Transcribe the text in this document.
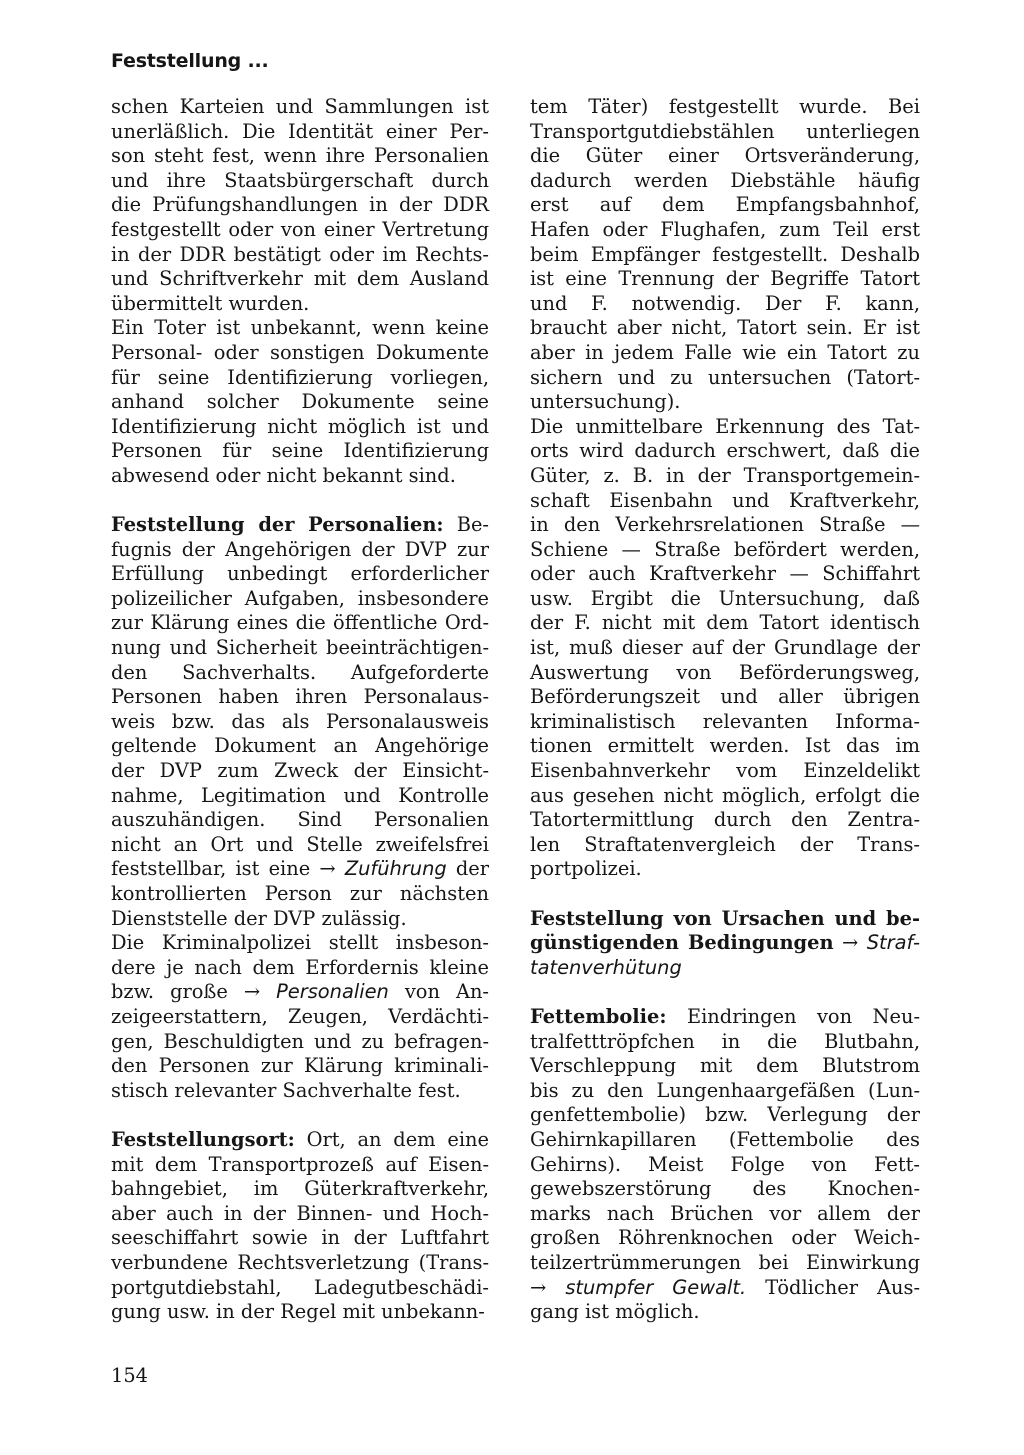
Feststellung ...
schen Karteien und Sammlungen ist
unerläßlich. Die Identität einer Per-
son steht fest, wenn ihre Personalien
und ihre Staatsbürgerschaft durch
die Prüfungshandlungen in der DDR
festgestellt oder von einer Vertretung
in der DDR bestätigt oder im Rechts-
und Schriftverkehr mit dem Ausland
übermittelt wurden.
Ein Toter ist unbekannt, wenn keine
Personal- oder sonstigen Dokumente
für seine Identifizierung vorliegen,
anhand solcher Dokumente seine
Identifizierung nicht möglich ist und
Personen für seine Identifizierung
abwesend oder nicht bekannt sind.
Feststellung der Personalien: Be-
fugnis der Angehörigen der DVP zur
Erfüllung unbedingt erforderlicher
polizeilicher Aufgaben, insbesondere
zur Klärung eines die öffentliche Ord-
nung und Sicherheit beeinträchtigen-
den Sachverhalts. Aufgeforderte
Personen haben ihren Personalaus-
weis bzw. das als Personalausweis
geltende Dokument an Angehörige
der DVP zum Zweck der Einsicht-
nahme, Legitimation und Kontrolle
auszuhändigen. Sind Personalien
nicht an Ort und Stelle zweifelsfrei
feststellbar, ist eine → Zuführung der
kontrollierten Person zur nächsten
Dienststelle der DVP zulässig.
Die Kriminalpolizei stellt insbeson-
dere je nach dem Erfordernis kleine
bzw. große → Personalien von An-
zeigeerstattern, Zeugen, Verdächti-
gen, Beschuldigten und zu befragen-
den Personen zur Klärung kriminali-
stisch relevanter Sachverhalte fest.
Feststellungsort: Ort, an dem eine
mit dem Transportprozeß auf Eisen-
bahngebiet, im Güterkraftverkehr,
aber auch in der Binnen- und Hoch-
seeschiffahrt sowie in der Luftfahrt
verbundene Rechtsverletzung (Trans-
portgutdiebstahl, Ladegutbeschädi-
gung usw. in der Regel mit unbekann-
tem Täter) festgestellt wurde. Bei
Transportgutdiebstählen unterliegen
die Güter einer Ortsveränderung,
dadurch werden Diebstähle häufig
erst auf dem Empfangsbahnhof,
Hafen oder Flughafen, zum Teil erst
beim Empfänger festgestellt. Deshalb
ist eine Trennung der Begriffe Tatort
und F. notwendig. Der F. kann,
braucht aber nicht, Tatort sein. Er ist
aber in jedem Falle wie ein Tatort zu
sichern und zu untersuchen (Tatort-
untersuchung).
Die unmittelbare Erkennung des Tat-
orts wird dadurch erschwert, daß die
Güter, z. B. in der Transportgemein-
schaft Eisenbahn und Kraftverkehr,
in den Verkehrsrelationen Straße —
Schiene — Straße befördert werden,
oder auch Kraftverkehr — Schiffahrt
usw. Ergibt die Untersuchung, daß
der F. nicht mit dem Tatort identisch
ist, muß dieser auf der Grundlage der
Auswertung von Beförderungsweg,
Beförderungszeit und aller übrigen
kriminalistisch relevanten Informa-
tionen ermittelt werden. Ist das im
Eisenbahnverkehr vom Einzeldelikt
aus gesehen nicht möglich, erfolgt die
Tatortermittlung durch den Zentra-
len Straftatenvergleich der Trans-
portpolizei.
Feststellung von Ursachen und be-
günstigenden Bedingungen → Straf-
tatenverhütung
Fettembolie: Eindringen von Neu-
tralfetttröpfchen in die Blutbahn,
Verschleppung mit dem Blutstrom
bis zu den Lungenhaargefäßen (Lun-
genfettembolie) bzw. Verlegung der
Gehirnkapillaren (Fettembolie des
Gehirns). Meist Folge von Fett-
gewebszerstörung des Knochen-
marks nach Brüchen vor allem der
großen Röhrenknochen oder Weich-
teilzertrümmerungen bei Einwirkung
→ stumpfer Gewalt. Tödlicher Aus-
gang ist möglich.
154
